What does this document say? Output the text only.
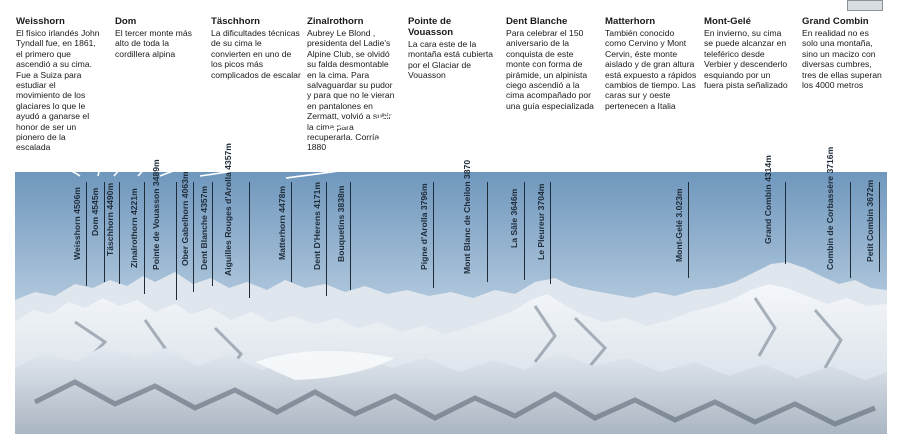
Weisshorn
El físico irlandés John Tyndall fue, en 1861, el primero que ascendió a su cima. Fue a Suiza para estudiar el movimiento de los glaciares lo que le ayudó a ganarse el honor de ser un pionero de la escalada
Dom
El tercer monte más alto de toda la cordillera alpina
Täschhorn
La dificultades técnicas de su cima le convierten en uno de los picos más complicados de escalar
Zinalrothorn
Aubrey Le Blond , presidenta del Ladie's Alpine Club, se olvidó su falda desmontable en la cima. Para salvaguardar su pudor y para que no le vieran en pantalones en Zermatt, volvió a subir la cima para recuperarla. Corría 1880
Pointe de Vouasson
La cara este de la montaña está cubierta por el Glaciar de Vouasson
Dent Blanche
Para celebrar el 150 aniversario de la conquista de este monte con forma de pirámide, un alpinista ciego ascendió a la cima acompañado por una guía especializada
Matterhorn
También conocido como Cervino y Mont Cervin, éste monte aislado y de gran altura está expuesto a rápidos cambios de tiempo. Las caras sur y oeste pertenecen a Italia
Mont-Gelé
En invierno, su cima se puede alcanzar en teleférico desde Verbier y descenderlo esquiando por un fuera pista señalizado
Grand Combin
En realidad no es solo una montaña, sino un macizo con diversas cumbres, tres de ellas superan los 4000 metros
Weisshorn 4506m
Dom 4545m
Täschhorn 4490m
Zinalrothorn 4221m Pointe de Vouasson 3489m
Ober Gabelhorn 4063m
Dent Blanche 4357m Aiguilles Rouges d'Arolla 4357m
Matterhorn 4478m
Dent D'Herens 4171m
Bouquetins 3838m
Pigne d'Arolla 3796m	Mont Blanc de Cheilon 3870
La Sâle 3646m
Le Pleureur 3704m
Mont-Gelé 3.023m	Grand Combin 4314m
Combin de Corbassère 3716m
Petit Combin 3672m
